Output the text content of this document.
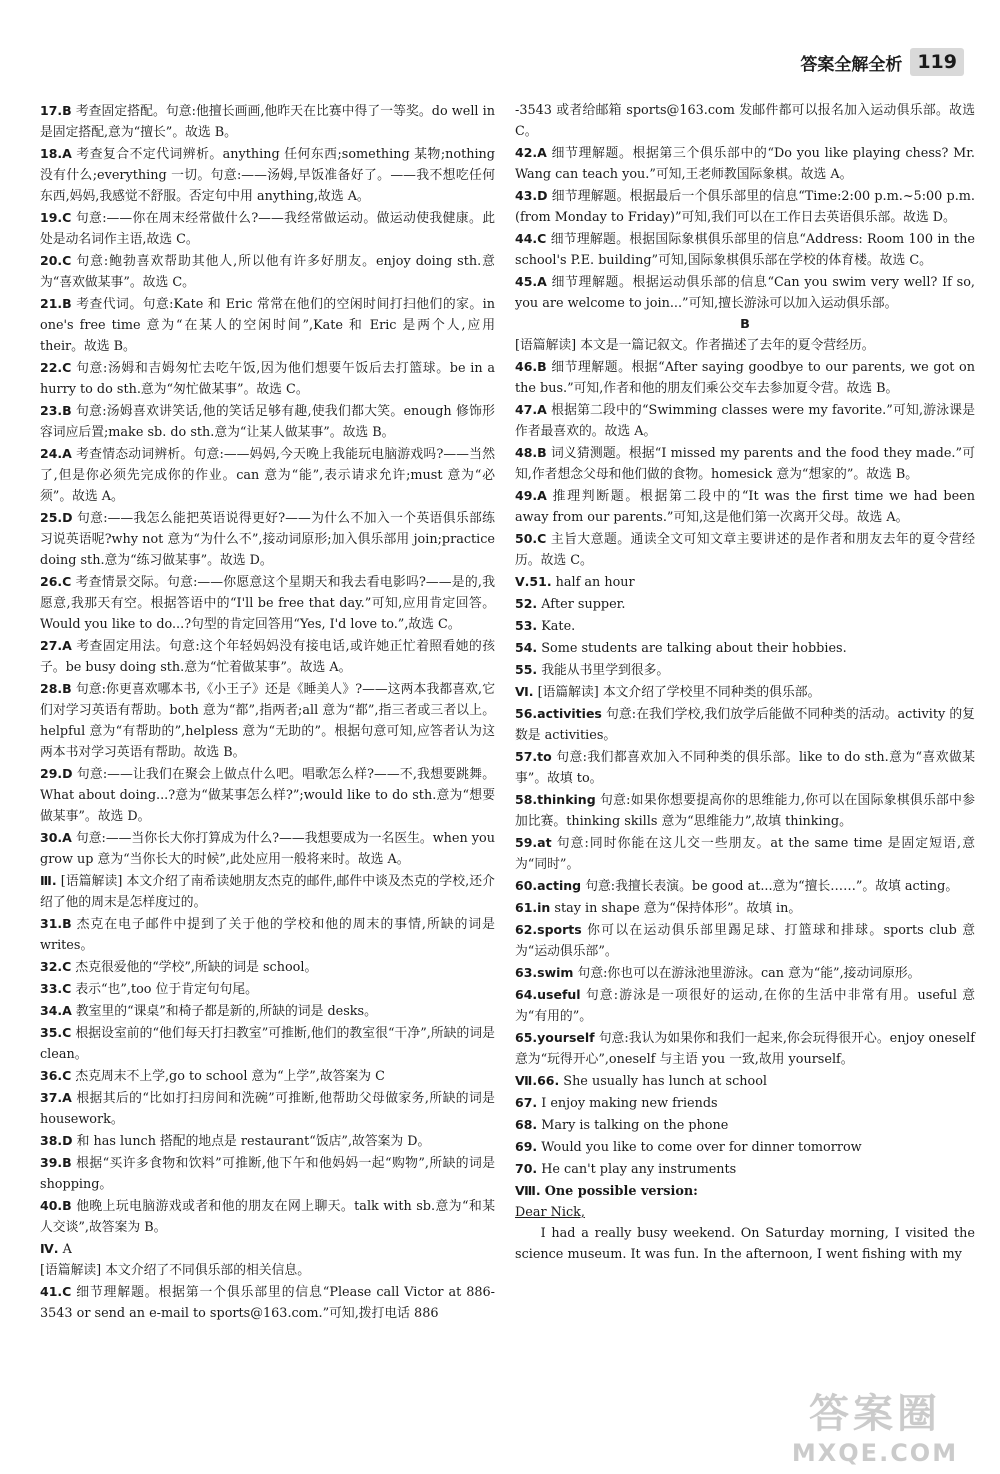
答案全解全析 119

17.B 考查固定搭配。句意:他擅长画画,他昨天在比赛中得了一等奖。do well in 是固定搭配,意为“擅长”。故选 B。

18.A 考查复合不定代词辨析。anything 任何东西;something 某物;nothing 没有什么;everything 一切。句意:——汤姆,早饭准备好了。——我不想吃任何东西,妈妈,我感觉不舒服。否定句中用 anything,故选 A。

19.C 句意:——你在周末经常做什么?——我经常做运动。做运动使我健康。此处是动名词作主语,故选 C。

20.C 句意:鲍勃喜欢帮助其他人,所以他有许多好朋友。enjoy doing sth.意为“喜欢做某事”。故选 C。

21.B 考查代词。句意:Kate 和 Eric 常常在他们的空闲时间打扫他们的家。in one's free time 意为“在某人的空闲时间”,Kate 和 Eric 是两个人,应用 their。故选 B。

22.C 句意:汤姆和吉姆匆忙去吃午饭,因为他们想要午饭后去打篮球。be in a hurry to do sth.意为“匆忙做某事”。故选 C。

23.B 句意:汤姆喜欢讲笑话,他的笑话足够有趣,使我们都大笑。enough 修饰形容词应后置;make sb. do sth.意为“让某人做某事”。故选 B。

24.A 考查情态动词辨析。句意:——妈妈,今天晚上我能玩电脑游戏吗?——当然了,但是你必须先完成你的作业。can 意为“能”,表示请求允许;must 意为“必须”。故选 A。

25.D 句意:——我怎么能把英语说得更好?——为什么不加入一个英语俱乐部练习说英语呢?why not 意为“为什么不”,接动词原形;加入俱乐部用 join;practice doing sth.意为“练习做某事”。故选 D。

26.C 考查情景交际。句意:——你愿意这个星期天和我去看电影吗?——是的,我愿意,我那天有空。根据答语中的“I'll be free that day.”可知,应用肯定回答。Would you like to do...?句型的肯定回答用“Yes, I'd love to.”,故选 C。

27.A 考查固定用法。句意:这个年轻妈妈没有接电话,或许她正忙着照看她的孩子。be busy doing sth.意为“忙着做某事”。故选 A。

28.B 句意:你更喜欢哪本书,《小王子》还是《睡美人》?——这两本我都喜欢,它们对学习英语有帮助。both 意为“都”,指两者;all 意为“都”,指三者或三者以上。helpful 意为“有帮助的”,helpless 意为“无助的”。根据句意可知,应答者认为这两本书对学习英语有帮助。故选 B。

29.D 句意:——让我们在聚会上做点什么吧。唱歌怎么样?——不,我想要跳舞。What about doing...?意为“做某事怎么样?”;would like to do sth.意为“想要做某事”。故选 D。

30.A 句意:——当你长大你打算成为什么?——我想要成为一名医生。when you grow up 意为“当你长大的时候”,此处应用一般将来时。故选 A。

Ⅲ. [语篇解读] 本文介绍了南希读她朋友杰克的邮件,邮件中谈及杰克的学校,还介绍了他的周末是怎样度过的。

31.B 杰克在电子邮件中提到了关于他的学校和他的周末的事情,所缺的词是 writes。

32.C 杰克很爱他的“学校”,所缺的词是 school。

33.C 表示“也”,too 位于肯定句句尾。

34.A 教室里的“课桌”和椅子都是新的,所缺的词是 desks。

35.C 根据设室前的“他们每天打扫教室”可推断,他们的教室很“干净”,所缺的词是 clean。

36.C 杰克周末不上学,go to school 意为“上学”,故答案为 C

37.A 根据其后的“比如打扫房间和洗碗”可推断,他帮助父母做家务,所缺的词是 housework。

38.D 和 has lunch 搭配的地点是 restaurant“饭店”,故答案为 D。

39.B 根据“买许多食物和饮料”可推断,他下午和他妈妈一起“购物”,所缺的词是 shopping。

40.B 他晚上玩电脑游戏或者和他的朋友在网上聊天。talk with sb.意为“和某人交谈”,故答案为 B。

Ⅳ. A

[语篇解读] 本文介绍了不同俱乐部的相关信息。

41.C 细节理解题。根据第一个俱乐部里的信息“Please call Victor at 886-3543 or send an e-mail to sports@163.com.”可知,拨打电话 886

-3543 或者给邮箱 sports@163.com 发邮件都可以报名加入运动俱乐部。故选 C。

42.A 细节理解题。根据第三个俱乐部中的“Do you like playing chess? Mr. Wang can teach you.”可知,王老师教国际象棋。故选 A。

43.D 细节理解题。根据最后一个俱乐部里的信息“Time:2:00 p.m.~5:00 p.m.(from Monday to Friday)”可知,我们可以在工作日去英语俱乐部。故选 D。

44.C 细节理解题。根据国际象棋俱乐部里的信息“Address: Room 100 in the school's P.E. building”可知,国际象棋俱乐部在学校的体育楼。故选 C。

45.A 细节理解题。根据运动俱乐部的信息“Can you swim very well? If so, you are welcome to join...”可知,擅长游泳可以加入运动俱乐部。

B

[语篇解读] 本文是一篇记叙文。作者描述了去年的夏令营经历。

46.B 细节理解题。根据“After saying goodbye to our parents, we got on the bus.”可知,作者和他的朋友们乘公交车去参加夏令营。故选 B。

47.A 根据第二段中的“Swimming classes were my favorite.”可知,游泳课是作者最喜欢的。故选 A。

48.B 词义猜测题。根据“I missed my parents and the food they made.”可知,作者想念父母和他们做的食物。homesick 意为“想家的”。故选 B。

49.A 推理判断题。根据第二段中的“It was the first time we had been away from our parents.”可知,这是他们第一次离开父母。故选 A。

50.C 主旨大意题。通读全文可知文章主要讲述的是作者和朋友去年的夏令营经历。故选 C。

Ⅴ.51. half an hour

52. After supper.

53. Kate.

54. Some students are talking about their hobbies.

55. 我能从书里学到很多。

Ⅵ. [语篇解读] 本文介绍了学校里不同种类的俱乐部。

56.activities 句意:在我们学校,我们放学后能做不同种类的活动。activity 的复数是 activities。

57.to 句意:我们都喜欢加入不同种类的俱乐部。like to do sth.意为“喜欢做某事”。故填 to。

58.thinking 句意:如果你想要提高你的思维能力,你可以在国际象棋俱乐部中参加比赛。thinking skills 意为“思维能力”,故填 thinking。

59.at 句意:同时你能在这儿交一些朋友。at the same time 是固定短语,意为“同时”。

60.acting 句意:我擅长表演。be good at...意为“擅长……”。故填 acting。

61.in stay in shape 意为“保持体形”。故填 in。

62.sports 你可以在运动俱乐部里踢足球、打篮球和排球。sports club 意为“运动俱乐部”。

63.swim 句意:你也可以在游泳池里游泳。can 意为“能”,接动词原形。

64.useful 句意:游泳是一项很好的运动,在你的生活中非常有用。useful 意为“有用的”。

65.yourself 句意:我认为如果你和我们一起来,你会玩得很开心。enjoy oneself 意为“玩得开心”,oneself 与主语 you 一致,故用 yourself。

Ⅶ.66. She usually has lunch at school

67. I enjoy making new friends

68. Mary is talking on the phone

69. Would you like to come over for dinner tomorrow

70. He can't play any instruments

Ⅷ. One possible version:

Dear Nick,

I had a really busy weekend. On Saturday morning, I visited the science museum. It was fun. In the afternoon, I went fishing with my

答案圈
MXQE.COM
